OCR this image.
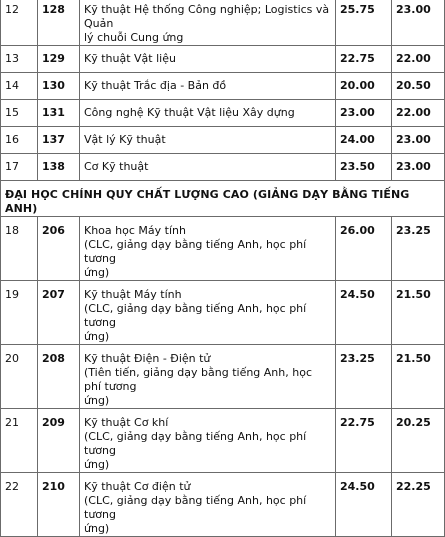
12	128	Kỹ thuật Hệ thống Công nghiệp; Logistics và Quản
lý chuỗi Cung ứng	25.75	23.00
13	129	Kỹ thuật Vật liệu	22.75	22.00
14	130	Kỹ thuật Trắc địa - Bản đồ	20.00	20.50
15	131	Công nghệ Kỹ thuật Vật liệu Xây dựng	23.00	22.00
16	137	Vật lý Kỹ thuật	24.00	23.00
17	138	Cơ Kỹ thuật	23.50	23.00
ĐẠI HỌC CHÍNH QUY CHẤT LƯỢNG CAO (GIẢNG DẠY BẰNG TIẾNG ANH)				
18	206	Khoa học Máy tính
(CLC, giảng dạy bằng tiếng Anh, học phí tương
ứng)	26.00	23.25
19	207	Kỹ thuật Máy tính
(CLC, giảng dạy bằng tiếng Anh, học phí tương
ứng)	24.50	21.50
20	208	Kỹ thuật Điện - Điện tử
(Tiên tiến, giảng dạy bằng tiếng Anh, học phí tương
ứng)	23.25	21.50
21	209	Kỹ thuật Cơ khí
(CLC, giảng dạy bằng tiếng Anh, học phí tương
ứng)	22.75	20.25
22	210	Kỹ thuật Cơ điện tử
(CLC, giảng dạy bằng tiếng Anh, học phí tương
ứng)	24.50	22.25
